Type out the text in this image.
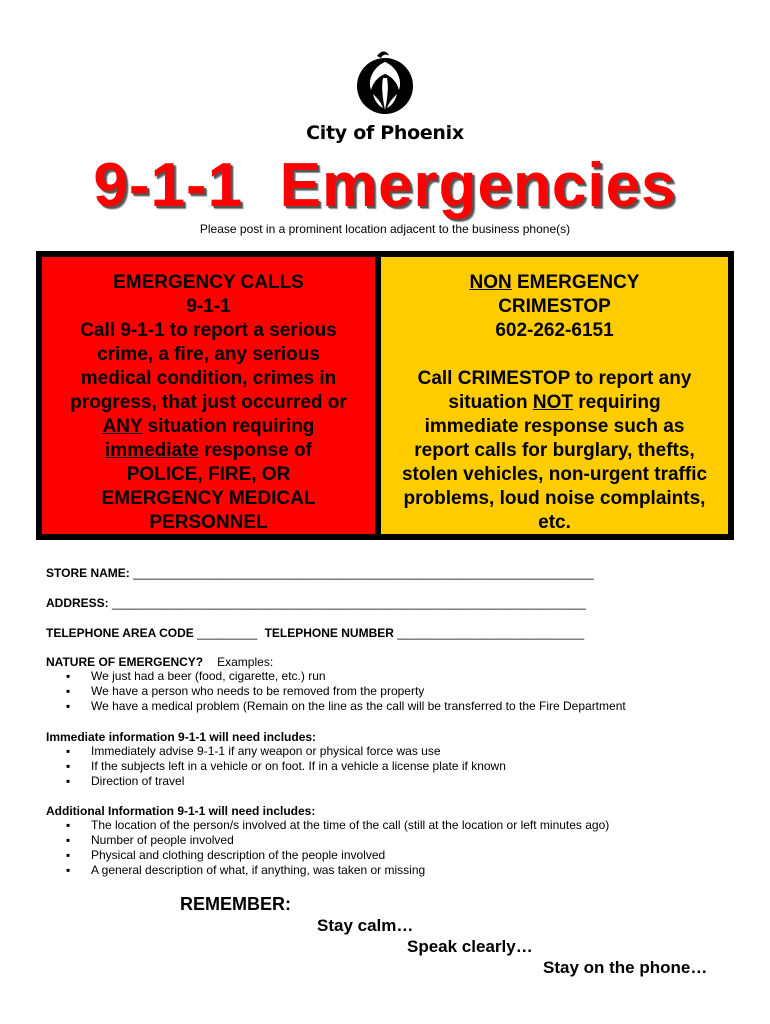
City of Phoenix
9-1-1  Emergencies
Please post in a prominent location adjacent to the business phone(s)
EMERGENCY CALLS
9-1-1
Call 9-1-1 to report a serious
crime, a fire, any serious
medical condition, crimes in
progress, that just occurred or
ANY situation requiring
immediate response of
POLICE, FIRE, OR
EMERGENCY MEDICAL
PERSONNEL
NON EMERGENCY
CRIMESTOP
602-262-6151
Call CRIMESTOP to report any
situation NOT requiring
immediate response such as
report calls for burglary, thefts,
stolen vehicles, non-urgent traffic
problems, loud noise complaints,
etc.
STORE NAME: _____________________________________________________________________
ADDRESS: _______________________________________________________________________
TELEPHONE AREA CODE _________ TELEPHONE NUMBER ____________________________
NATURE OF EMERGENCY? Examples:
▪ We just had a beer (food, cigarette, etc.) run
▪ We have a person who needs to be removed from the property
▪ We have a medical problem (Remain on the line as the call will be transferred to the Fire Department
Immediate information 9-1-1 will need includes:
▪ Immediately advise 9-1-1 if any weapon or physical force was use
▪ If the subjects left in a vehicle or on foot. If in a vehicle a license plate if known
▪ Direction of travel
Additional Information 9-1-1 will need includes:
▪ The location of the person/s involved at the time of the call (still at the location or left minutes ago)
▪ Number of people involved
▪ Physical and clothing description of the people involved
▪ A general description of what, if anything, was taken or missing
REMEMBER:
Stay calm…
Speak clearly…
Stay on the phone…
